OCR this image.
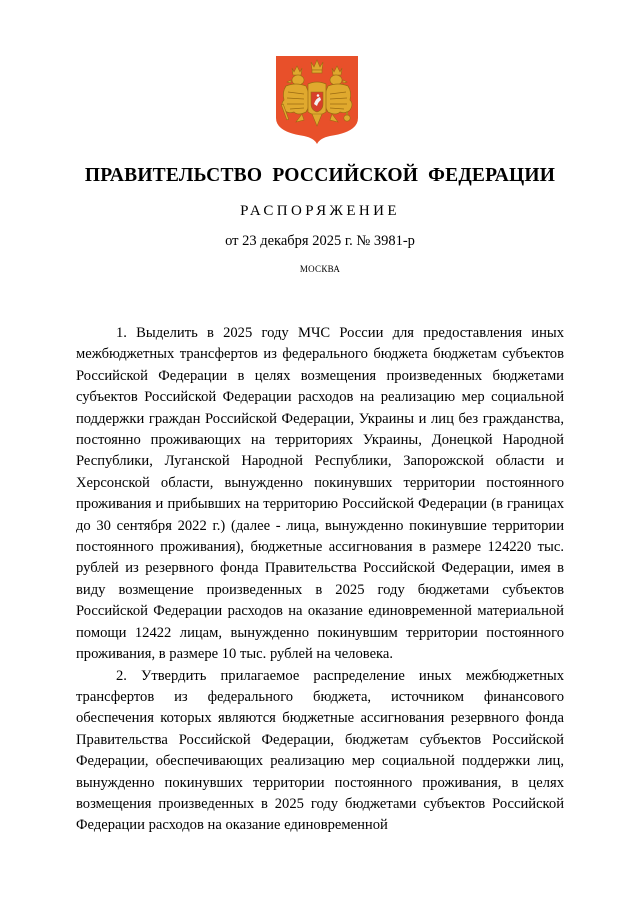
ПРАВИТЕЛЬСТВО РОССИЙСКОЙ ФЕДЕРАЦИИ
РАСПОРЯЖЕНИЕ
от 23 декабря 2025 г. № 3981-р
МОСКВА

1. Выделить в 2025 году МЧС России для предоставления иных межбюджетных трансфертов из федерального бюджета бюджетам субъектов Российской Федерации в целях возмещения произведенных бюджетами субъектов Российской Федерации расходов на реализацию мер социальной поддержки граждан Российской Федерации, Украины и лиц без гражданства, постоянно проживающих на территориях Украины, Донецкой Народной Республики, Луганской Народной Республики, Запорожской области и Херсонской области, вынужденно покинувших территории постоянного проживания и прибывших на территорию Российской Федерации (в границах до 30 сентября 2022 г.) (далее - лица, вынужденно покинувшие территории постоянного проживания), бюджетные ассигнования в размере 124220 тыс. рублей из резервного фонда Правительства Российской Федерации, имея в виду возмещение произведенных в 2025 году бюджетами субъектов Российской Федерации расходов на оказание единовременной материальной помощи 12422 лицам, вынужденно покинувшим территории постоянного проживания, в размере 10 тыс. рублей на человека.

2. Утвердить прилагаемое распределение иных межбюджетных трансфертов из федерального бюджета, источником финансового обеспечения которых являются бюджетные ассигнования резервного фонда Правительства Российской Федерации, бюджетам субъектов Российской Федерации, обеспечивающих реализацию мер социальной поддержки лиц, вынужденно покинувших территории постоянного проживания, в целях возмещения произведенных в 2025 году бюджетами субъектов Российской Федерации расходов на оказание единовременной
